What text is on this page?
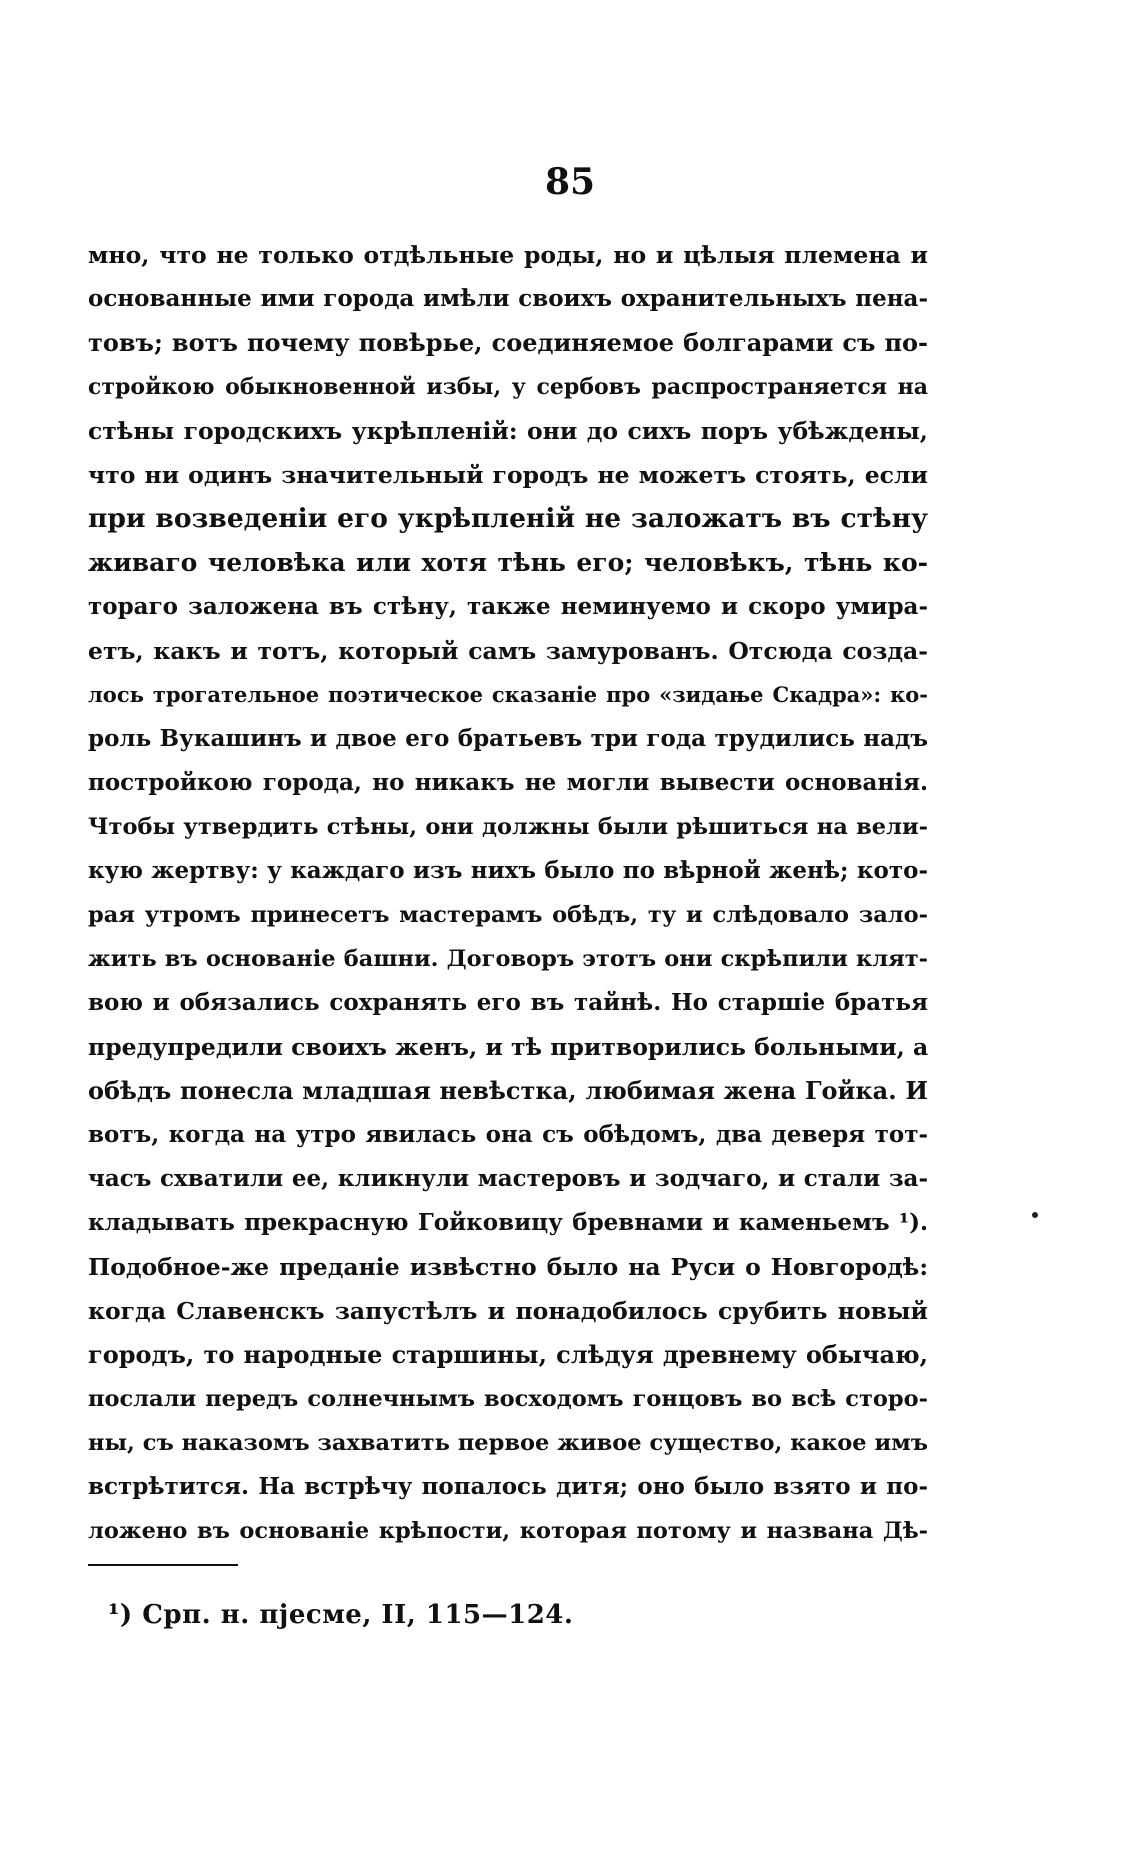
85
мно, что не только отдѣльные роды, но и цѣлыя племена и
основанные ими города имѣли своихъ охранительныхъ пена-
товъ; вотъ почему повѣрье, соединяемое болгарами съ по-
стройкою обыкновенной избы, у сербовъ распространяется на
стѣны городскихъ укрѣпленій: они до сихъ поръ убѣждены,
что ни одинъ значительный городъ не можетъ стоять, если
при возведеніи его укрѣпленій не заложатъ въ стѣну
живаго человѣка или хотя тѣнь его; человѣкъ, тѣнь ко-
тораго заложена въ стѣну, также неминуемо и скоро умира-
етъ, какъ и тотъ, который самъ замурованъ. Отсюда созда-
лось трогательное поэтическое сказаніе про «зидање Скадра»: ко-
роль Вукашинъ и двое его братьевъ три года трудились надъ
постройкою города, но никакъ не могли вывести основанія.
Чтобы утвердить стѣны, они должны были рѣшиться на вели-
кую жертву: у каждаго изъ нихъ было по вѣрной женѣ; кото-
рая утромъ принесетъ мастерамъ обѣдъ, ту и слѣдовало зало-
жить въ основаніе башни. Договоръ этотъ они скрѣпили клят-
вою и обязались сохранять его въ тайнѣ. Но старшіе братья
предупредили своихъ женъ, и тѣ притворились больными, а
обѣдъ понесла младшая невѣстка, любимая жена Гойка. И
вотъ, когда на утро явилась она съ обѣдомъ, два деверя тот-
часъ схватили ее, кликнули мастеровъ и зодчаго, и стали за-
кладывать прекрасную Гойковицу бревнами и каменьемъ ¹).
Подобное-же преданіе извѣстно было на Руси о Новгородѣ:
когда Славенскъ запустѣлъ и понадобилось срубить новый
городъ, то народные старшины, слѣдуя древнему обычаю,
послали передъ солнечнымъ восходомъ гонцовъ во всѣ сторо-
ны, съ наказомъ захватить первое живое существо, какое имъ
встрѣтится. На встрѣчу попалось дитя; оно было взято и по-
ложено въ основаніе крѣпости, которая потому и названа Дѣ-
¹) Срп. н. пјесме, II, 115—124.
